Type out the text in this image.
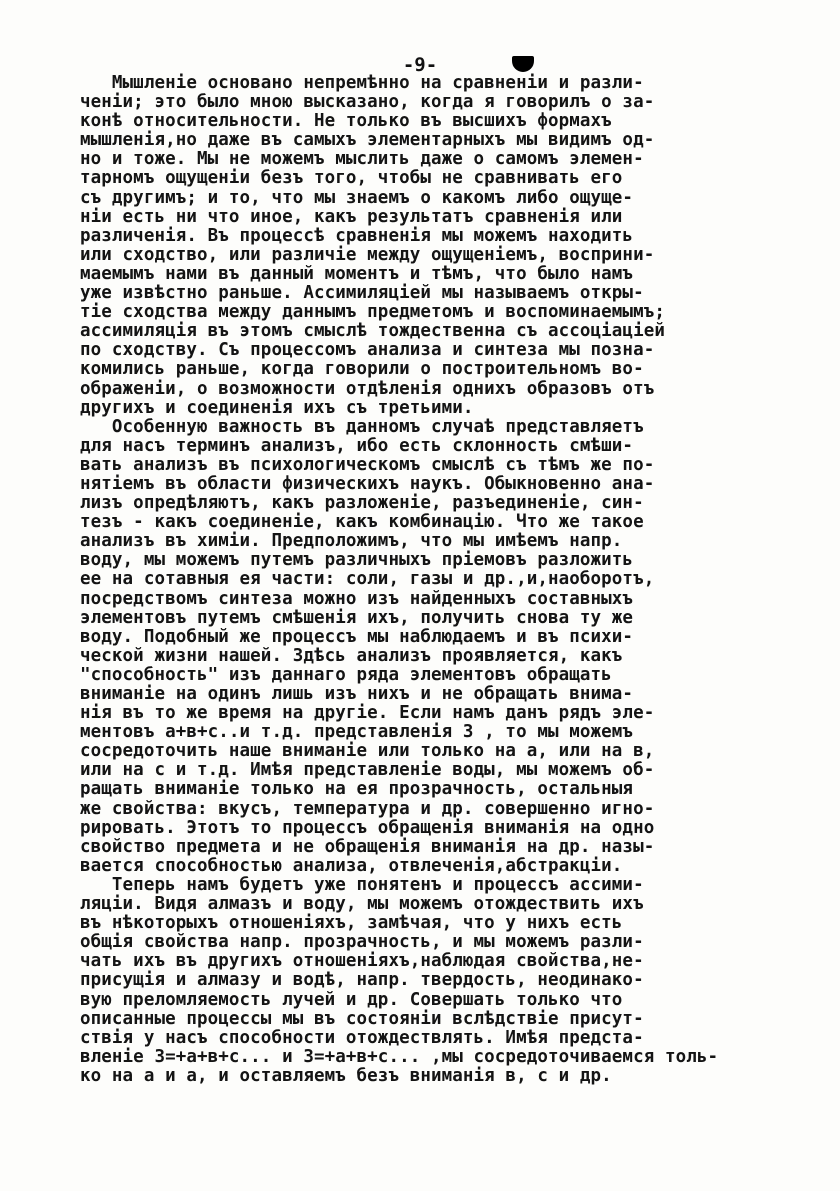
-9-
Мышленіе основано непремѣнно на сравненіи и разли-
ченіи; это было мною высказано, когда я говорилъ о за-
конѣ относительности. Не только въ высшихъ формахъ
мышленія,но даже въ самыхъ элементарныхъ мы видимъ од-
но и тоже. Мы не можемъ мыслить даже о самомъ элемен-
тарномъ ощущеніи безъ того, чтобы не сравнивать его
съ другимъ; и то, что мы знаемъ о какомъ либо ощуще-
ніи есть ни что иное, какъ результатъ сравненія или
различенія. Въ процессѣ сравненія мы можемъ находить
или сходство, или различіе между ощущеніемъ, восприни-
маемымъ нами въ данный моментъ и тѣмъ, что было намъ
уже извѣстно раньше. Ассимиляціей мы называемъ откры-
тіе сходства между даннымъ предметомъ и воспоминаемымъ;
ассимиляція въ этомъ смыслѣ тождественна съ ассоціаціей
по сходству. Съ процессомъ анализа и синтеза мы позна-
комились раньше, когда говорили о построительномъ во-
ображеніи, о возможности отдѣленія однихъ образовъ отъ
другихъ и соединенія ихъ съ третьими.
Особенную важность въ данномъ случаѣ представляетъ
для насъ терминъ анализъ, ибо есть склонность смѣши-
вать анализъ въ психологическомъ смыслѣ съ тѣмъ же по-
нятіемъ въ области физическихъ наукъ. Обыкновенно ана-
лизъ опредѣляютъ, какъ разложеніе, разъединеніе, син-
тезъ - какъ соединеніе, какъ комбинацію. Что же такое
анализъ въ химіи. Предположимъ, что мы имѣемъ напр.
воду, мы можемъ путемъ различныхъ пріемовъ разложить
ее на сотавныя ея части: соли, газы и др.,и,наоборотъ,
посредствомъ синтеза можно изъ найденныхъ составныхъ
элементовъ путемъ смѣшенія ихъ, получить снова ту же
воду. Подобный же процессъ мы наблюдаемъ и въ психи-
ческой жизни нашей. Здѣсь анализъ проявляется, какъ
"способность" изъ даннаго ряда элементовъ обращать
вниманіе на одинъ лишь изъ нихъ и не обращать внима-
нія въ то же время на другіе. Если намъ данъ рядъ эле-
ментовъ а+в+с..и т.д. представленія З , то мы можемъ
сосредоточить наше вниманіе или только на а, или на в,
или на с и т.д. Имѣя представленіе воды, мы можемъ об-
ращать вниманіе только на ея прозрачность, остальныя
же свойства: вкусъ, температура и др. совершенно игно-
рировать. Этотъ то процессъ обращенія вниманія на одно
свойство предмета и не обращенія вниманія на др. назы-
вается способностью анализа, отвлеченія,абстракціи.
Теперь намъ будетъ уже понятенъ и процессъ ассими-
ляціи. Видя алмазъ и воду, мы можемъ отождествить ихъ
въ нѣкоторыхъ отношеніяхъ, замѣчая, что у нихъ есть
общія свойства напр. прозрачность, и мы можемъ разли-
чать ихъ въ другихъ отношеніяхъ,наблюдая свойства,не-
присущія и алмазу и водѣ, напр. твердость, неодинако-
вую преломляемость лучей и др. Совершать только что
описанные процессы мы въ состояніи вслѣдствіе присут-
ствія у насъ способности отождествлять. Имѣя предста-
вленіе З=+а+в+с... и З=+а+в+с... ,мы сосредоточиваемся толь-
ко на а и а, и оставляемъ безъ вниманія в, с и др.
